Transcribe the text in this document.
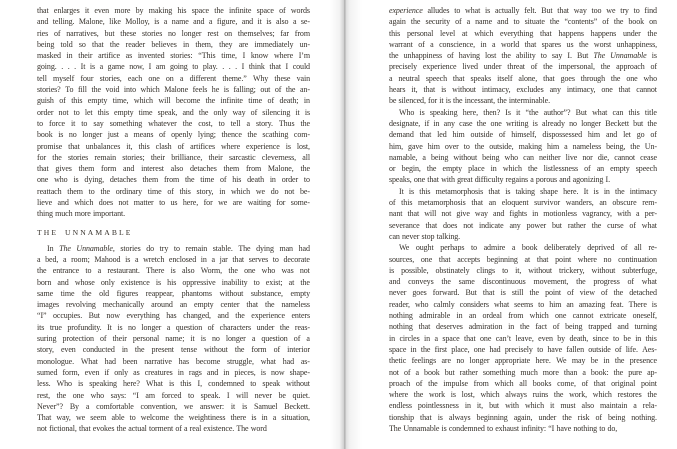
that enlarges it even more by making his space the infinite space of words
and telling. Malone, like Molloy, is a name and a figure, and it is also a se-
ries of narratives, but these stories no longer rest on themselves; far from
being told so that the reader believes in them, they are immediately un-
masked in their artifice as invented stories: “This time, I know where I’m
going. . . . It is a game now, I am going to play. . . . I think that I could
tell myself four stories, each one on a different theme.” Why these vain
stories? To fill the void into which Malone feels he is falling; out of the an-
guish of this empty time, which will become the infinite time of death; in
order not to let this empty time speak, and the only way of silencing it is
to force it to say something whatever the cost, to tell a story. Thus the
book is no longer just a means of openly lying; thence the scathing com-
promise that unbalances it, this clash of artifices where experience is lost,
for the stories remain stories; their brilliance, their sarcastic cleverness, all
that gives them form and interest also detaches them from Malone, the
one who is dying, detaches them from the time of his death in order to
reattach them to the ordinary time of this story, in which we do not be-
lieve and which does not matter to us here, for we are waiting for some-
thing much more important.
THE UNNAMABLE
In The Unnamable, stories do try to remain stable. The dying man had
a bed, a room; Mahood is a wretch enclosed in a jar that serves to decorate
the entrance to a restaurant. There is also Worm, the one who was not
born and whose only existence is his oppressive inability to exist; at the
same time the old figures reappear, phantoms without substance, empty
images revolving mechanically around an empty center that the nameless
“I” occupies. But now everything has changed, and the experience enters
its true profundity. It is no longer a question of characters under the reas-
suring protection of their personal name; it is no longer a question of a
story, even conducted in the present tense without the form of interior
monologue. What had been narrative has become struggle, what had as-
sumed form, even if only as creatures in rags and in pieces, is now shape-
less. Who is speaking here? What is this I, condemned to speak without
rest, the one who says: “I am forced to speak. I will never be quiet.
Never”? By a comfortable convention, we answer: it is Samuel Beckett.
That way, we seem able to welcome the weightiness there is in a situation,
not fictional, that evokes the actual torment of a real existence. The word
experience alludes to what is actually felt. But that way too we try to find
again the security of a name and to situate the “contents” of the book on
this personal level at which everything that happens happens under the
warrant of a conscience, in a world that spares us the worst unhappiness,
the unhappiness of having lost the ability to say I. But The Unnamable is
precisely experience lived under threat of the impersonal, the approach of
a neutral speech that speaks itself alone, that goes through the one who
hears it, that is without intimacy, excludes any intimacy, one that cannot
be silenced, for it is the incessant, the interminable.
Who is speaking here, then? Is it “the author”? But what can this title
designate, if in any case the one writing is already no longer Beckett but the
demand that led him outside of himself, dispossessed him and let go of
him, gave him over to the outside, making him a nameless being, the Un-
namable, a being without being who can neither live nor die, cannot cease
or begin, the empty place in which the listlessness of an empty speech
speaks, one that with great difficulty regains a porous and agonizing I.
It is this metamorphosis that is taking shape here. It is in the intimacy
of this metamorphosis that an eloquent survivor wanders, an obscure rem-
nant that will not give way and fights in motionless vagrancy, with a per-
severance that does not indicate any power but rather the curse of what
can never stop talking.
We ought perhaps to admire a book deliberately deprived of all re-
sources, one that accepts beginning at that point where no continuation
is possible, obstinately clings to it, without trickery, without subterfuge,
and conveys the same discontinuous movement, the progress of what
never goes forward. But that is still the point of view of the detached
reader, who calmly considers what seems to him an amazing feat. There is
nothing admirable in an ordeal from which one cannot extricate oneself,
nothing that deserves admiration in the fact of being trapped and turning
in circles in a space that one can’t leave, even by death, since to be in this
space in the first place, one had precisely to have fallen outside of life. Aes-
thetic feelings are no longer appropriate here. We may be in the presence
not of a book but rather something much more than a book: the pure ap-
proach of the impulse from which all books come, of that original point
where the work is lost, which always ruins the work, which restores the
endless pointlessness in it, but with which it must also maintain a rela-
tionship that is always beginning again, under the risk of being nothing.
The Unnamable is condemned to exhaust infinity: “I have nothing to do,
